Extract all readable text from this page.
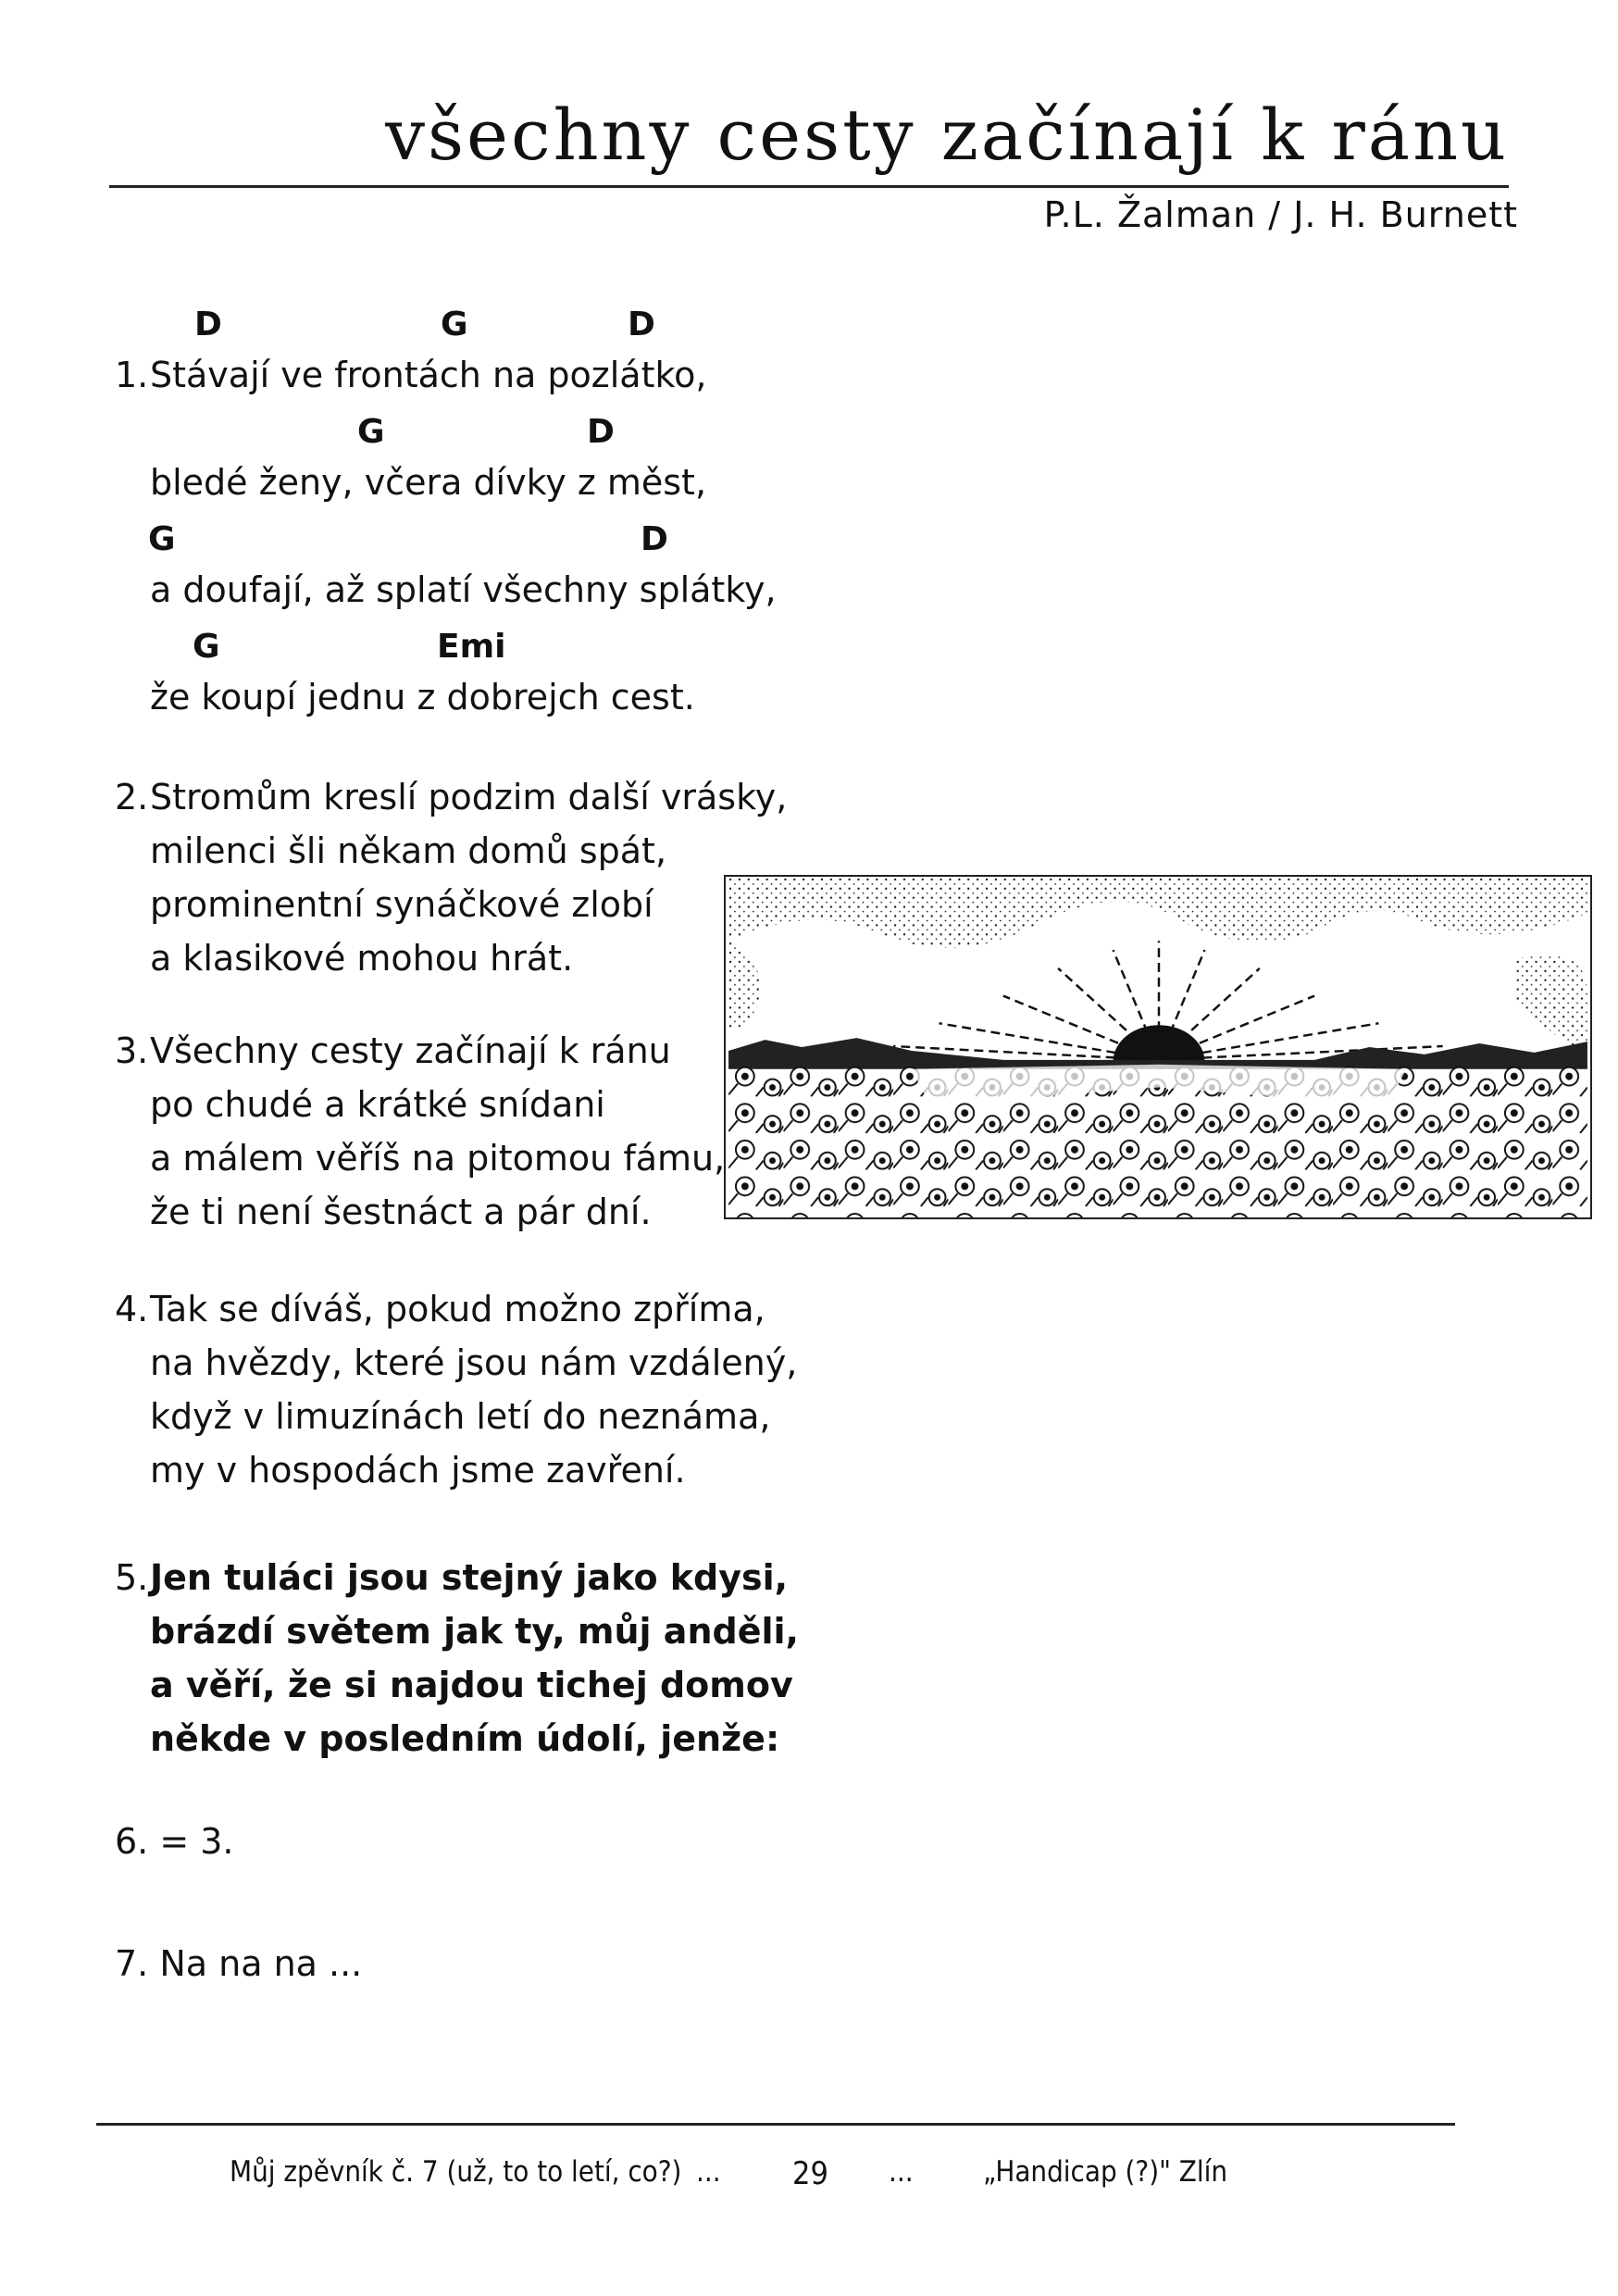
všechny cesty začínají k ránu
P.L. Žalman / J. H. Burnett
D	G	D
1.Stávají ve frontách na pozlátko,
G	D
bledé ženy, včera dívky z měst,
G	D
a doufají, až splatí všechny splátky,
G	Emi
že koupí jednu z dobrejch cest.
2.Stromům kreslí podzim další vrásky,
milenci šli někam domů spát,
prominentní synáčkové zlobí
a klasikové mohou hrát.
3.Všechny cesty začínají k ránu
po chudé a krátké snídani
a málem věříš na pitomou fámu,
že ti není šestnáct a pár dní.
4.Tak se díváš, pokud možno zpříma,
na hvězdy, které jsou nám vzdálený,
když v limuzínách letí do neznáma,
my v hospodách jsme zavření.
5.Jen tuláci jsou stejný jako kdysi,
brázdí světem jak ty, můj anděli,
a věří, že si najdou tichej domov
někde v posledním údolí, jenže:
6. = 3.
7. Na na na ...
Můj zpěvník č. 7 (už, to to letí, co?) ... 29 ... „Handicap (?)" Zlín
